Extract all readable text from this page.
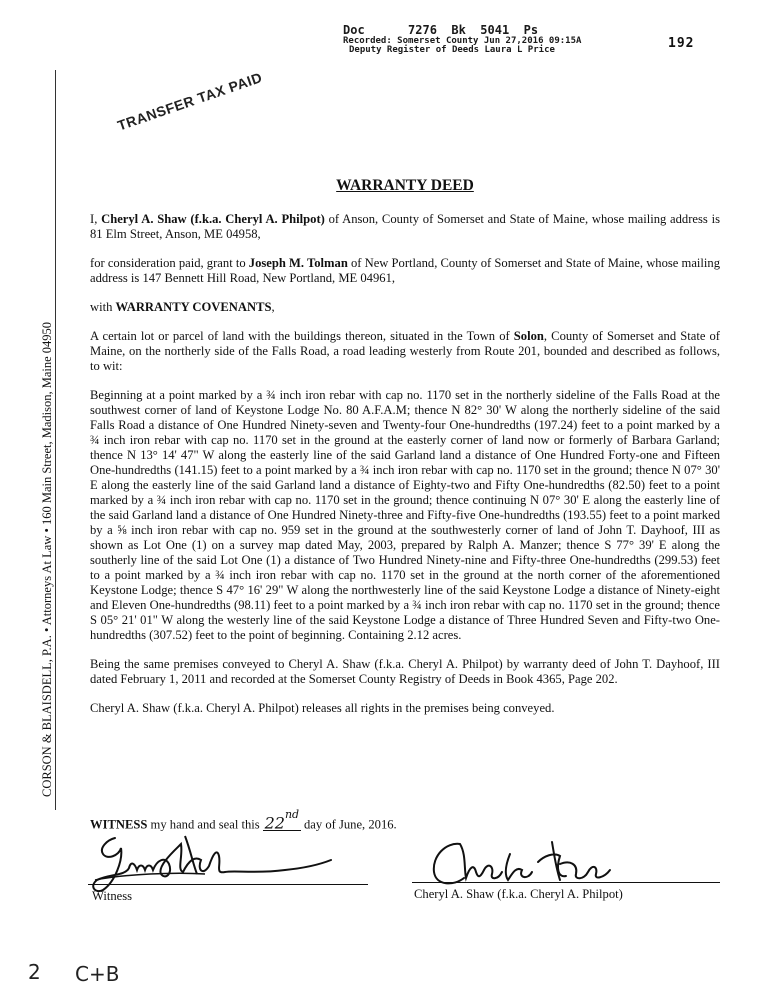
Doc      7276  Bk  5041  Ps
Recorded: Somerset County Jun 27,2016 09:15A
Deputy Register of Deeds Laura L Price	192
TRANSFER TAX PAID
CORSON & BLAISDELL, P.A. • Attorneys At Law • 160 Main Street, Madison, Maine 04950
WARRANTY DEED

I, Cheryl A. Shaw (f.k.a. Cheryl A. Philpot) of Anson, County of Somerset and State of Maine, whose mailing address is 81 Elm Street, Anson, ME 04958,

for consideration paid, grant to Joseph M. Tolman of New Portland, County of Somerset and State of Maine, whose mailing address is 147 Bennett Hill Road, New Portland, ME 04961,

with WARRANTY COVENANTS,

A certain lot or parcel of land with the buildings thereon, situated in the Town of Solon, County of Somerset and State of Maine, on the northerly side of the Falls Road, a road leading westerly from Route 201, bounded and described as follows, to wit:

Beginning at a point marked by a ¾ inch iron rebar with cap no. 1170 set in the northerly sideline of the Falls Road at the southwest corner of land of Keystone Lodge No. 80 A.F.A.M; thence N 82° 30' W along the northerly sideline of the said Falls Road a distance of One Hundred Ninety-seven and Twenty-four One-hundredths (197.24) feet to a point marked by a ¾ inch iron rebar with cap no. 1170 set in the ground at the easterly corner of land now or formerly of Barbara Garland; thence N 13° 14' 47" W along the easterly line of the said Garland land a distance of One Hundred Forty-one and Fifteen One-hundredths (141.15) feet to a point marked by a ¾ inch iron rebar with cap no. 1170 set in the ground; thence N 07° 30' E along the easterly line of the said Garland land a distance of Eighty-two and Fifty One-hundredths (82.50) feet to a point marked by a ¾ inch iron rebar with cap no. 1170 set in the ground; thence continuing N 07° 30' E along the easterly line of the said Garland land a distance of One Hundred Ninety-three and Fifty-five One-hundredths (193.55) feet to a point marked by a ⅝ inch iron rebar with cap no. 959 set in the ground at the southwesterly corner of land of John T. Dayhoof, III as shown as Lot One (1) on a survey map dated May, 2003, prepared by Ralph A. Manzer; thence S 77° 39' E along the southerly line of the said Lot One (1) a distance of Two Hundred Ninety-nine and Fifty-three One-hundredths (299.53) feet to a point marked by a ¾ inch iron rebar with cap no. 1170 set in the ground at the north corner of the aforementioned Keystone Lodge; thence S 47° 16' 29" W along the northwesterly line of the said Keystone Lodge a distance of Ninety-eight and Eleven One-hundredths (98.11) feet to a point marked by a ¾ inch iron rebar with cap no. 1170 set in the ground; thence S 05° 21' 01" W along the westerly line of the said Keystone Lodge a distance of Three Hundred Seven and Fifty-two One-hundredths (307.52) feet to the point of beginning. Containing 2.12 acres.

Being the same premises conveyed to Cheryl A. Shaw (f.k.a. Cheryl A. Philpot) by warranty deed of John T. Dayhoof, III dated February 1, 2011 and recorded at the Somerset County Registry of Deeds in Book 4365, Page 202.

Cheryl A. Shaw (f.k.a. Cheryl A. Philpot) releases all rights in the premises being conveyed.

WITNESS my hand and seal this 22nd day of June, 2016.
Witness	Cheryl A. Shaw (f.k.a. Cheryl A. Philpot)
2 C+B
